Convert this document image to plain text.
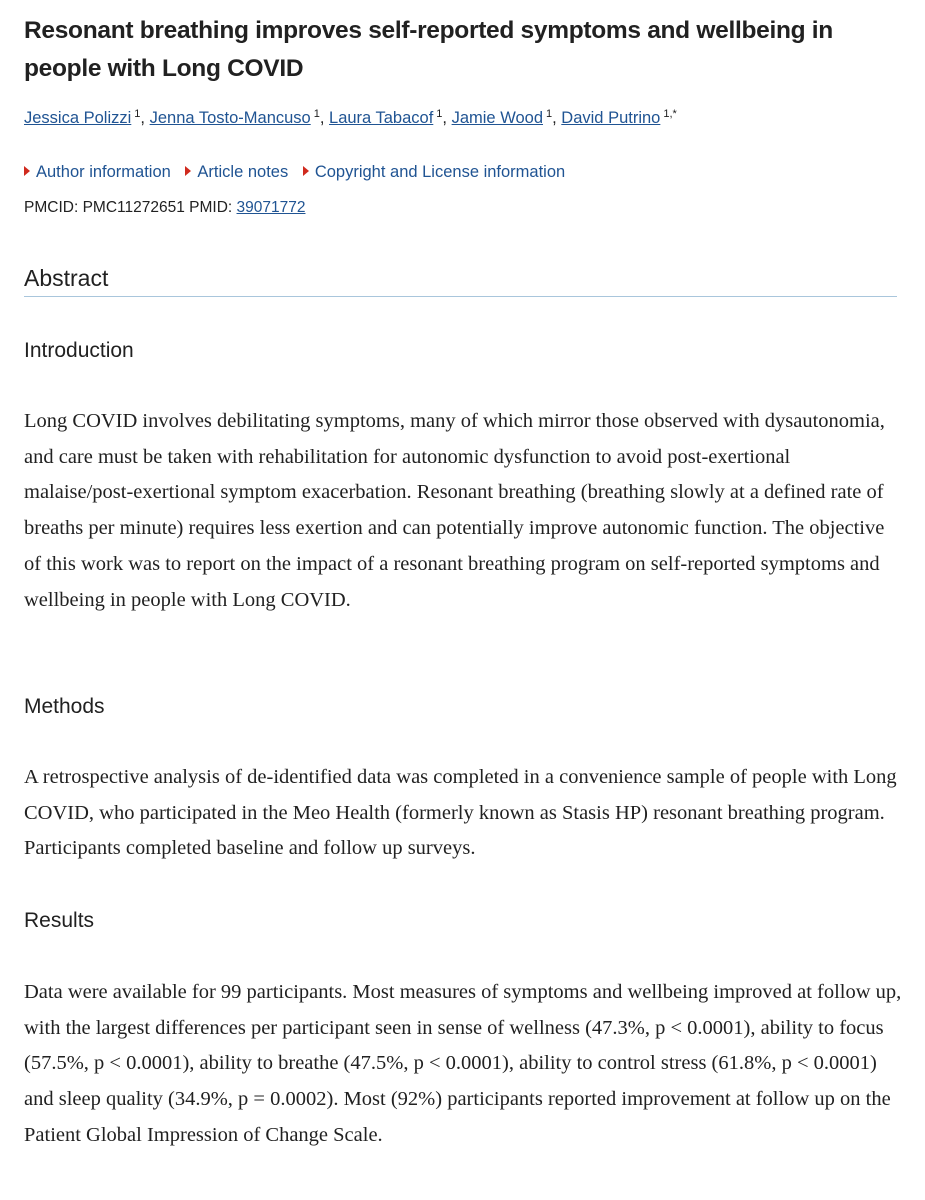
Resonant breathing improves self-reported symptoms and wellbeing in people with Long COVID
Jessica Polizzi $^1$, Jenna Tosto-Mancuso $^1$, Laura Tabacof $^1$, Jamie Wood $^1$, David Putrino $^{1,*}$
Author information Article notes Copyright and License information
PMCID: PMC11272651 PMID: 39071772
Abstract
Introduction

Long COVID involves debilitating symptoms, many of which mirror those observed with dysautonomia, and care must be taken with rehabilitation for autonomic dysfunction to avoid post-exertional malaise/post-exertional symptom exacerbation. Resonant breathing (breathing slowly at a defined rate of breaths per minute) requires less exertion and can potentially improve autonomic function. The objective of this work was to report on the impact of a resonant breathing program on self-reported symptoms and wellbeing in people with Long COVID.

Methods

A retrospective analysis of de-identified data was completed in a convenience sample of people with Long COVID, who participated in the Meo Health (formerly known as Stasis HP) resonant breathing program. Participants completed baseline and follow up surveys.

Results

Data were available for 99 participants. Most measures of symptoms and wellbeing improved at follow up, with the largest differences per participant seen in sense of wellness (47.3%, p < 0.0001), ability to focus (57.5%, p < 0.0001), ability to breathe (47.5%, p < 0.0001), ability to control stress (61.8%, p < 0.0001) and sleep quality (34.9%, p = 0.0002). Most (92%) participants reported improvement at follow up on the Patient Global Impression of Change Scale.
